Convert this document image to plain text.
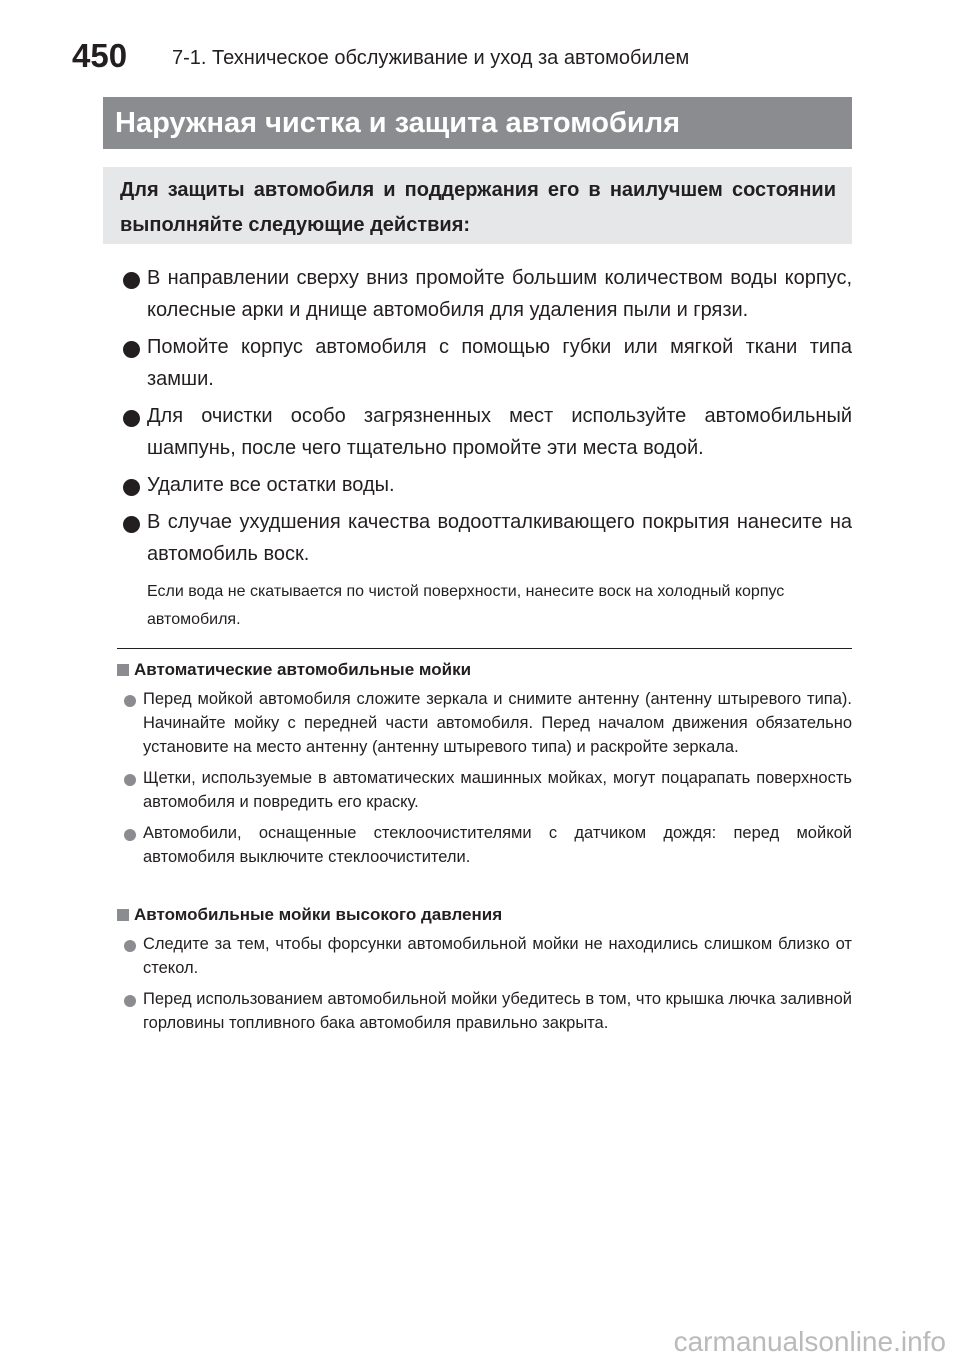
450 7-1. Техническое обслуживание и уход за автомобилем
Наружная чистка и защита автомобиля
Для защиты автомобиля и поддержания его в наилучшем состоянии выполняйте следующие действия:
В направлении сверху вниз промойте большим количеством воды корпус, колесные арки и днище автомобиля для удаления пыли и грязи.
Помойте корпус автомобиля с помощью губки или мягкой ткани типа замши.
Для очистки особо загрязненных мест используйте автомобильный шампунь, после чего тщательно промойте эти места водой.
Удалите все остатки воды.
В случае ухудшения качества водоотталкивающего покрытия нанесите на автомобиль воск.
Если вода не скатывается по чистой поверхности, нанесите воск на холодный корпус автомобиля.
Автоматические автомобильные мойки
Перед мойкой автомобиля сложите зеркала и снимите антенну (антенну штыревого типа). Начинайте мойку с передней части автомобиля. Перед началом движения обязательно установите на место антенну (антенну штыревого типа) и раскройте зеркала.
Щетки, используемые в автоматических машинных мойках, могут поцарапать поверхность автомобиля и повредить его краску.
Автомобили, оснащенные стеклоочистителями с датчиком дождя: перед мойкой автомобиля выключите стеклоочистители.
Автомобильные мойки высокого давления
Следите за тем, чтобы форсунки автомобильной мойки не находились слишком близко от стекол.
Перед использованием автомобильной мойки убедитесь в том, что крышка лючка заливной горловины топливного бака автомобиля правильно закрыта.
carmanualsonline.info
